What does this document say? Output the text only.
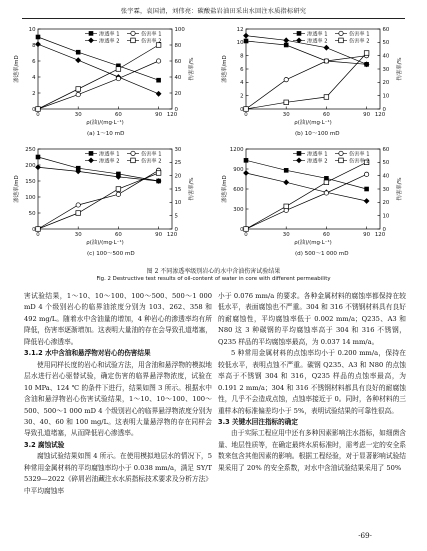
张宇霖，袁国清，刘伟亮：碳酸盐岩油田采出水回注水质指标研究
0	30	60	90 120
0
2
4
6
8
10
0
20
40
60
80
100
渗透率/mD	伤害率/%
ρ(油)/(mg·L⁻¹)
(a) 1～10 mD
渗透率 1	伤害率 1
渗透率 2	伤害率 2
0	30	60	90 120
0
2
4
6
8
10
12
0
10
20
30
40
50
60
渗透率/mD	伤害率/%
ρ(油)/(mg·L⁻¹)
(b) 10～100 mD
渗透率 1	伤害率 1
渗透率 2	伤害率 2
0	30	60	90 120
0
50
100
150
200
250
0
5
10
15
20
25
30
渗透率/mD	伤害率/%
ρ(油)/(mg·L⁻¹)
(c) 100～500 mD
渗透率 1	伤害率 1
渗透率 2	伤害率 2
0	30	60	90 120
0
300
600
900
1200
0
10
20
30
40
50
60
渗透率/mD	伤害率/%
ρ(油)/(mg·L⁻¹)
(d) 500～1 000 mD
渗透率 1	伤害率 1
渗透率 2	伤害率 2
图 2 不同渗透率级别岩心的水中含油伤害试验结果
Fig. 2 Destructive test results of oil-content of water in core with different permeability

害试验结果，1～10、10～100、100～500、500～1 000 mD 4 个级别岩心的临界油浓度分别为 103、262、358 和 492 mg/L。随着水中含油量的增加，4 种岩心的渗透率均有所降低，伤害率逐渐增加。这表明大量油的存在会导致孔道堵塞，降低岩心渗透率。

3.1.2 水中含油和悬浮物对岩心的伤害结果

使用同样长度的岩心和试验方法，用含油和悬浮物的模拟地层水进行岩心驱替试验，确定伤害的临界悬浮物浓度，试验在 10 MPa、124 ℃ 的条件下进行，结果如图 3 所示。根据水中含油和悬浮物岩心伤害试验结果，1～10、10～100、100～500、500～1 000 mD 4 个级别岩心的临界悬浮物浓度分别为 30、40、60 和 100 mg/L。这表明大量悬浮物的存在同样会导致孔道堵塞，从而降低岩心渗透率。

3.2 腐蚀试验

腐蚀试验结果如图 4 所示。在使用模拟地层水的情况下，5 种常用金属材料的平均腐蚀率均小于 0.038 mm/a，满足 SY/T 5329—2022《碎屑岩油藏注水水质指标技术要求及分析方法》中平均腐蚀率

小于 0.076 mm/a 的要求。各种金属材料的腐蚀率都保持在较低水平，表面腐蚀也不严重。304 和 316 不锈钢材料具有良好的耐腐蚀性，平均腐蚀率低于 0.002 mm/a；Q235、A3 和 N80 这 3 种碳钢的平均腐蚀率高于 304 和 316 不锈钢，Q235 样品的平均腐蚀率最高，为 0.037 14 mm/a。

5 种常用金属材料的点蚀率均小于 0.200 mm/a，保持在较低水平，表明点蚀不严重。碳钢 Q235、A3 和 N80 的点蚀率高于不锈钢 304 和 316，Q235 样品的点蚀率最高，为 0.191 2 mm/a；304 和 316 不锈钢材料都具有良好的耐腐蚀性，几乎不会造成点蚀，点蚀率接近于 0。同时，各种材料的三重样本的标准偏差均小于 5%，表明试验结果的可靠性很高。

3.3 关键水回注指标的确定

由于实际工程应用中还有多种因素影响注水指标，如细菌含量、地层性质等，在确定最终水质标准时，需考虑一定的安全系数来包含其他因素的影响。根据工程经验，对于显著影响试验结果采用了 20% 的安全系数，对水中含油试验结果采用了 50%

·69·
